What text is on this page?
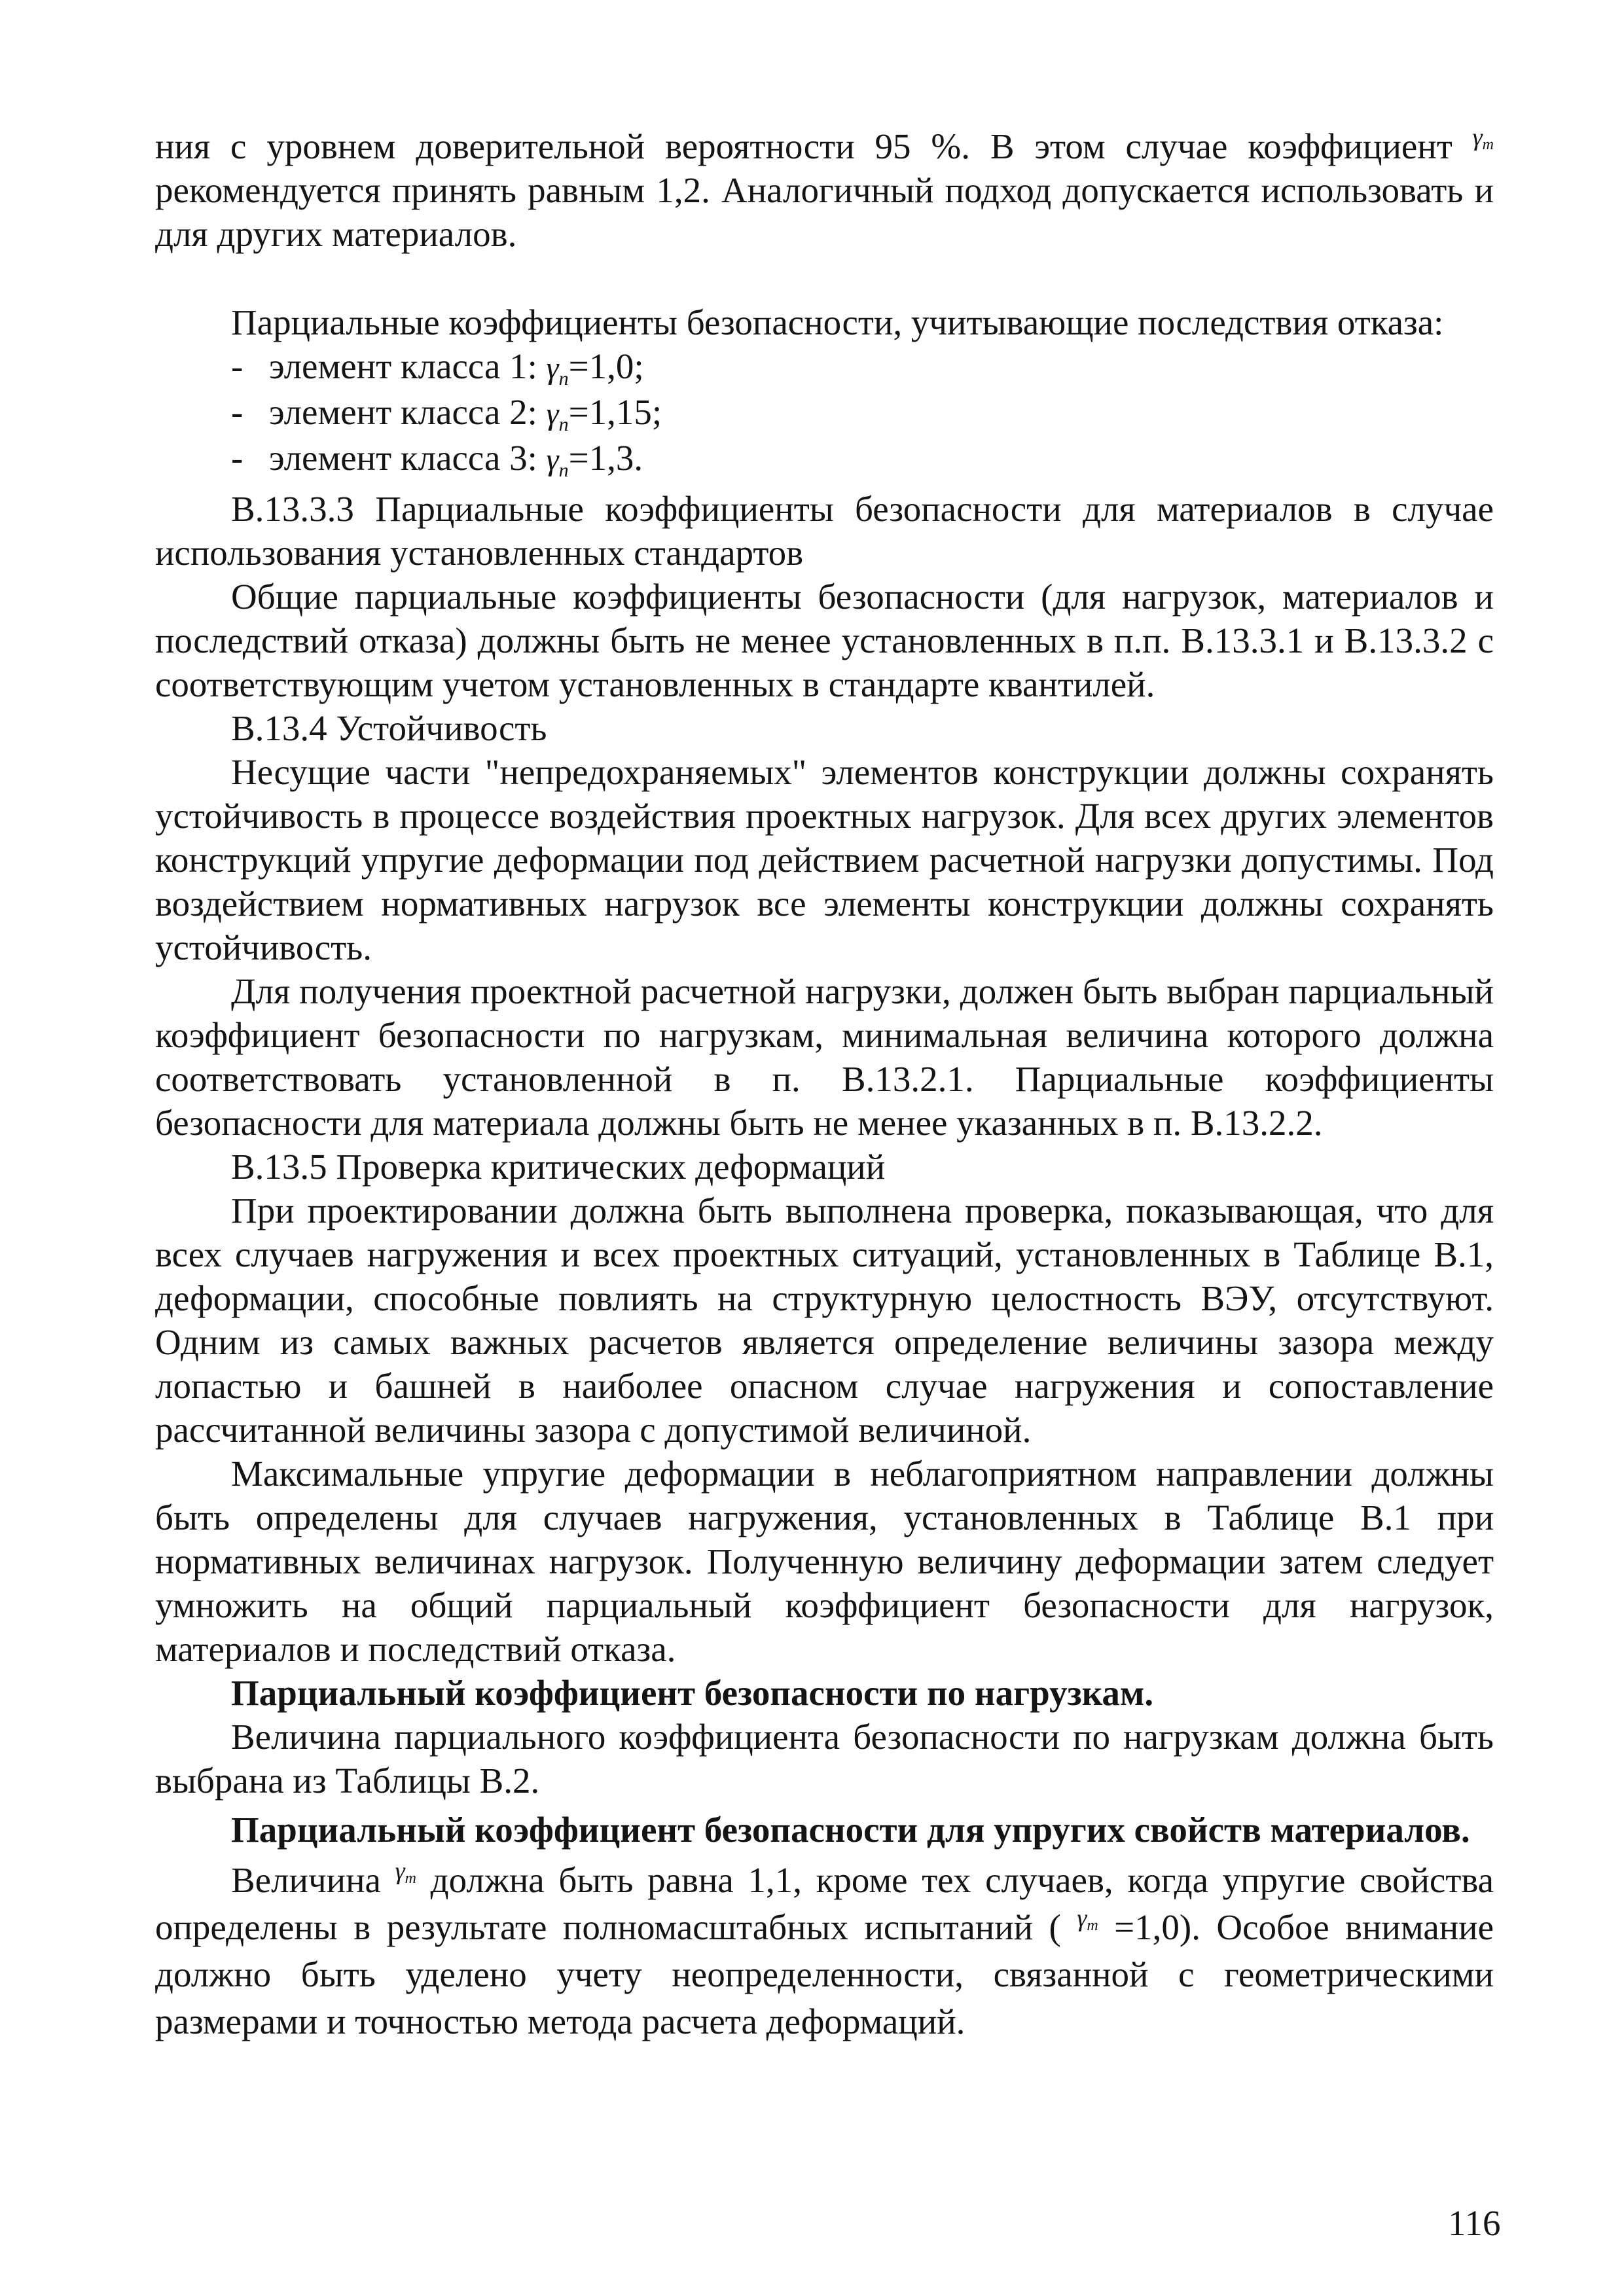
ния с уровнем доверительной вероятности 95 %. В этом случае коэффициент $^{\gamma_m}$ рекомендуется принять равным 1,2. Аналогичный подход допускается использовать и для других материалов.

Парциальные коэффициенты безопасности, учитывающие последствия отказа:

- элемент класса 1: $\gamma_n=1,0$;

- элемент класса 2: $\gamma_n=1,15$;

- элемент класса 3: $\gamma_n=1,3$.

В.13.3.3 Парциальные коэффициенты безопасности для материалов в случае использования установленных стандартов

Общие парциальные коэффициенты безопасности (для нагрузок, материалов и последствий отказа) должны быть не менее установленных в п.п. В.13.3.1 и В.13.3.2 с соответствующим учетом установленных в стандарте квантилей.

В.13.4 Устойчивость

Несущие части "непредохраняемых" элементов конструкции должны сохранять устойчивость в процессе воздействия проектных нагрузок. Для всех других элементов конструкций упругие деформации под действием расчетной нагрузки допустимы. Под воздействием нормативных нагрузок все элементы конструкции должны сохранять устойчивость.

Для получения проектной расчетной нагрузки, должен быть выбран парциальный коэффициент безопасности по нагрузкам, минимальная величина которого должна соответствовать установленной в п. В.13.2.1. Парциальные коэффициенты безопасности для материала должны быть не менее указанных в п. В.13.2.2.

В.13.5 Проверка критических деформаций

При проектировании должна быть выполнена проверка, показывающая, что для всех случаев нагружения и всех проектных ситуаций, установленных в Таблице В.1, деформации, способные повлиять на структурную целостность ВЭУ, отсутствуют. Одним из самых важных расчетов является определение величины зазора между лопастью и башней в наиболее опасном случае нагружения и сопоставление рассчитанной величины зазора с допустимой величиной.

Максимальные упругие деформации в неблагоприятном направлении должны быть определены для случаев нагружения, установленных в Таблице В.1 при нормативных величинах нагрузок. Полученную величину деформации затем следует умножить на общий парциальный коэффициент безопасности для нагрузок, материалов и последствий отказа.

Парциальный коэффициент безопасности по нагрузкам.

Величина парциального коэффициента безопасности по нагрузкам должна быть выбрана из Таблицы В.2.

Парциальный коэффициент безопасности для упругих свойств материалов.

Величина $^{\gamma_m}$ должна быть равна 1,1, кроме тех случаев, когда упругие свойства определены в результате полномасштабных испытаний ( $^{\gamma_m}$ =1,0). Особое внимание должно быть уделено учету неопределенности, связанной с геометрическими размерами и точностью метода расчета деформаций.

116
